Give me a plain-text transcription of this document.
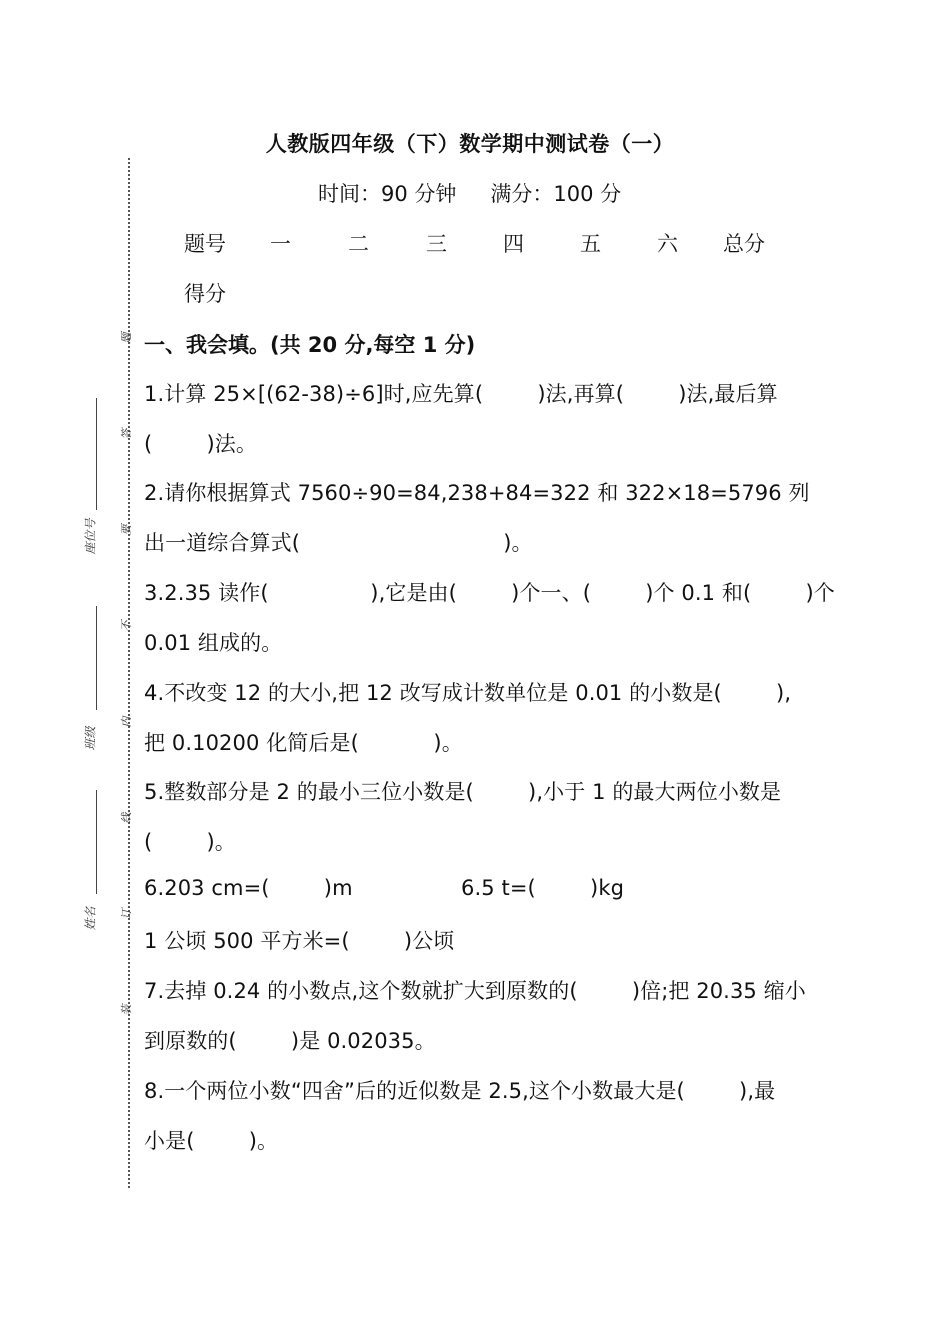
装
订
线
内
不
要
答
题
座位号
班级
姓名
人教版四年级（下）数学期中测试卷（一）
时间：90 分钟 满分：100 分
题号 一	二	三	四	五	六 总分
得分
一、我会填。(共 20 分,每空 1 分)
1.计算 25×[(62-38)÷6]时,应先算(        )法,再算(        )法,最后算
(        )法。
2.请你根据算式 7560÷90=84,238+84=322 和 322×18=5796 列
出一道综合算式(                              )。
3.2.35 读作(               ),它是由(        )个一、(        )个 0.1 和(        )个
0.01 组成的。
4.不改变 12 的大小,把 12 改写成计数单位是 0.01 的小数是(        ),
把 0.10200 化简后是(           )。
5.整数部分是 2 的最小三位小数是(        ),小于 1 的最大两位小数是
(        )。
6.203 cm=(        )m                6.5 t=(        )kg
1 公顷 500 平方米=(        )公顷
7.去掉 0.24 的小数点,这个数就扩大到原数的(        )倍;把 20.35 缩小
到原数的(        )是 0.02035。
8.一个两位小数“四舍”后的近似数是 2.5,这个小数最大是(        ),最
小是(        )。
